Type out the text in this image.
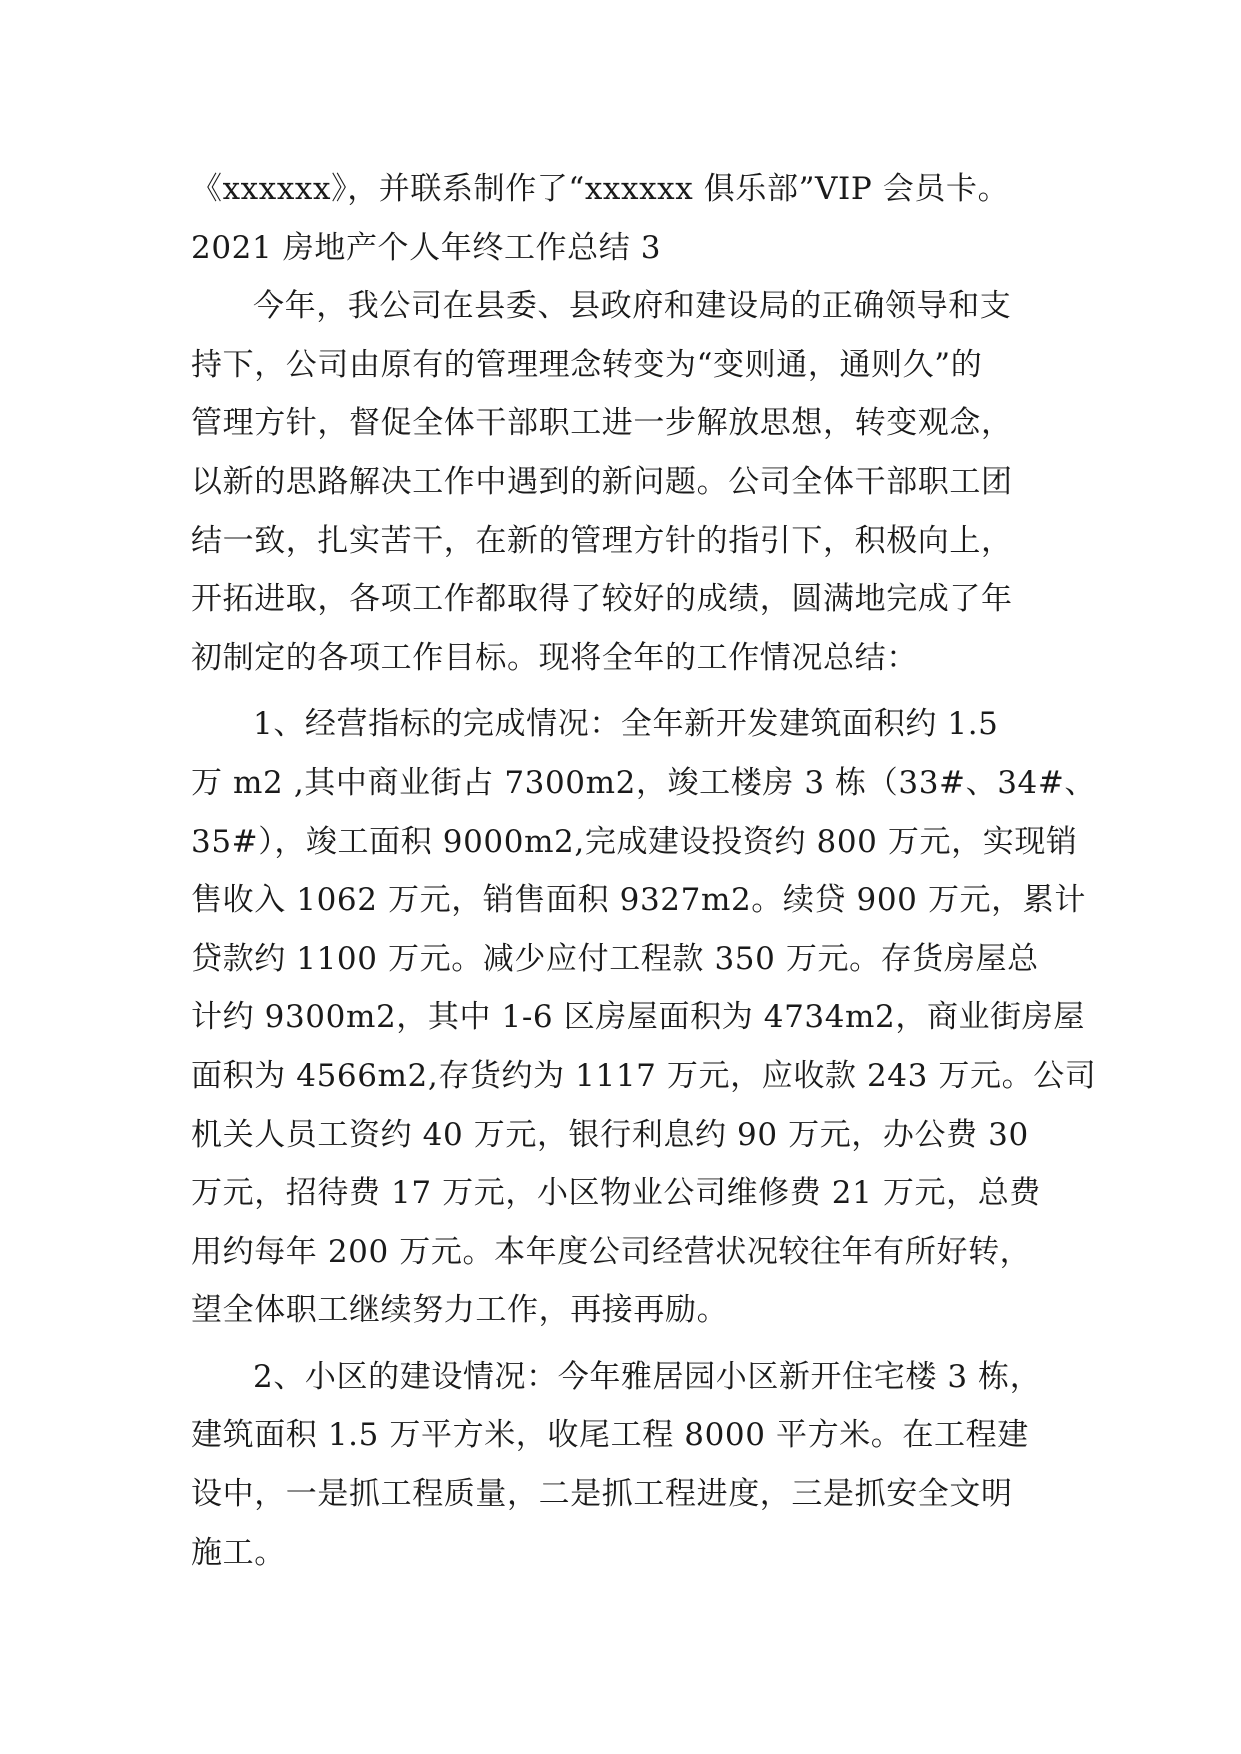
《xxxxxx》，并联系制作了“xxxxxx 俱乐部”VIP 会员卡。
2021 房地产个人年终工作总结 3
今年，我公司在县委、县政府和建设局的正确领导和支
持下，公司由原有的管理理念转变为“变则通，通则久”的
管理方针，督促全体干部职工进一步解放思想，转变观念，
以新的思路解决工作中遇到的新问题。公司全体干部职工团
结一致，扎实苦干，在新的管理方针的指引下，积极向上，
开拓进取，各项工作都取得了较好的成绩，圆满地完成了年
初制定的各项工作目标。现将全年的工作情况总结：
1、经营指标的完成情况：全年新开发建筑面积约 1.5
万 m2 ,其中商业街占 7300m2，竣工楼房 3 栋（33#、34#、
35#），竣工面积 9000m2,完成建设投资约 800 万元，实现销
售收入 1062 万元，销售面积 9327m2。续贷 900 万元，累计
贷款约 1100 万元。减少应付工程款 350 万元。存货房屋总
计约 9300m2，其中 1-6 区房屋面积为 4734m2，商业街房屋
面积为 4566m2,存货约为 1117 万元，应收款 243 万元。公司
机关人员工资约 40 万元，银行利息约 90 万元，办公费 30
万元，招待费 17 万元，小区物业公司维修费 21 万元，总费
用约每年 200 万元。本年度公司经营状况较往年有所好转，
望全体职工继续努力工作，再接再励。
2、小区的建设情况：今年雅居园小区新开住宅楼 3 栋，
建筑面积 1.5 万平方米，收尾工程 8000 平方米。在工程建
设中，一是抓工程质量，二是抓工程进度，三是抓安全文明
施工。
